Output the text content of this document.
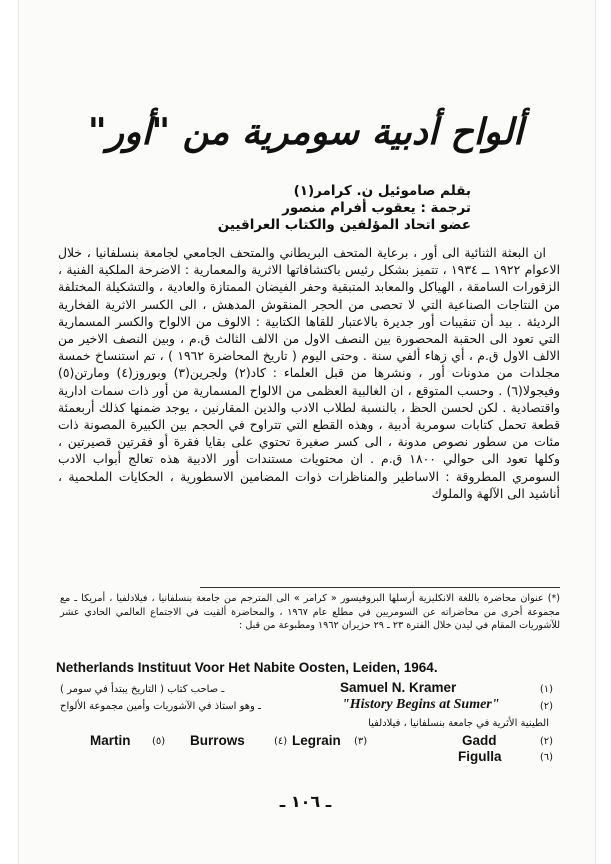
ألواح أدبية سومرية من "أور"
بقلم صاموئيل ن. كرامر(١)
ترجمة : يعقوب أفرام منصور
عضو اتحاد المؤلفين والكتاب العراقيين

ان البعثة الثنائية الى أور ، برعاية المتحف البريطاني والمتحف الجامعي لجامعة بنسلفانيا ، خلال الاعوام ١٩٢٢ ــ ١٩٣٤ ، تتميز بشكل رئيس باكتشافاتها الاثرية والمعمارية : الاضرحة الملكية الفنية ، الزقورات السامقة ، الهياكل والمعابد المتبقية وحفر الفيضان الممتازة والعادية ، والتشكيلة المختلفة من النتاجات الصناعية التي لا تحصى من الحجر المنقوش المدهش ، الى الكسر الاثرية الفخارية الرديئة . بيد أن تنقيبات أور جديرة بالاعتبار للقاها الكتابية : الالوف من الالواح والكسر المسمارية التي تعود الى الحقبة المحصورة بين النصف الاول من الالف الثالث ق.م ، وبين النصف الاخير من الالف الاول ق.م ، أي زهاء ألفي سنة . وحتى اليوم ( تاريخ المحاضرة ١٩٦٢ ) ، تم استنساخ خمسة مجلدات من مدونات أور ، ونشرها من قبل العلماء : كاد(٢) ولجرين(٣) وبوروز(٤) ومارتن(٥) وفيجولا(٦) . وحسب المتوقع ، ان الغالبية العظمى من الالواح المسمارية من أور ذات سمات ادارية واقتصادية . لكن لحسن الحظ ، بالنسبة لطلاب الادب والدين المقارنين ، يوجد ضمنها كذلك أربعمئة قطعة تحمل كتابات سومرية أدبية ، وهذه القطع التي تتراوح في الحجم بين الكبيرة المصونة ذات مئات من سطور نصوص مدونة ، الى كسر صغيرة تحتوي على بقايا فقرة أو فقرتين قصيرتين ، وكلها تعود الى حوالي ١٨٠٠ ق.م . ان محتويات مستندات أور الادبية هذه تعالج أبواب الادب السومري المطروقة : الاساطير والمناظرات ذوات المضامين الاسطورية ، الحكايات الملحمية ، أناشيد الى الآلهة والملوك

(*) عنوان محاضرة باللغة الانكليزية أرسلها البروفيسور « كرامر » الى المترجم من جامعة بنسلفانيا ، فيلادلفيا ، أمريكا ـ مع مجموعة أخرى من محاضراته عن السومريين في مطلع عام ١٩٦٧ ، والمحاضرة ألقيت في الاجتماع العالمي الحادي عشر للآشوريات المقام في ليدن خلال الفترة ٢٣ ـ ٢٩ حزيران ١٩٦٢ ومطبوعة من قبل :

Netherlands Instituut Voor Het Nabite Oosten, Leiden, 1964.
(١)
Samuel N. Kramer
ـ صاحب كتاب ( التاريخ يبتدأ في سومر )
(٢)
"History Begins at Sumer"
ـ وهو استاذ في الآشوريات وأمين مجموعة الألواح
الطينية الأثرية في جامعة بنسلفانيا ، فيلادلفيا
(٢)
Gadd
(٣)
Legrain
(٤)
Burrows
(٥)
Martin
(٦)
Figulla
ـ ١٠٦ ـ
